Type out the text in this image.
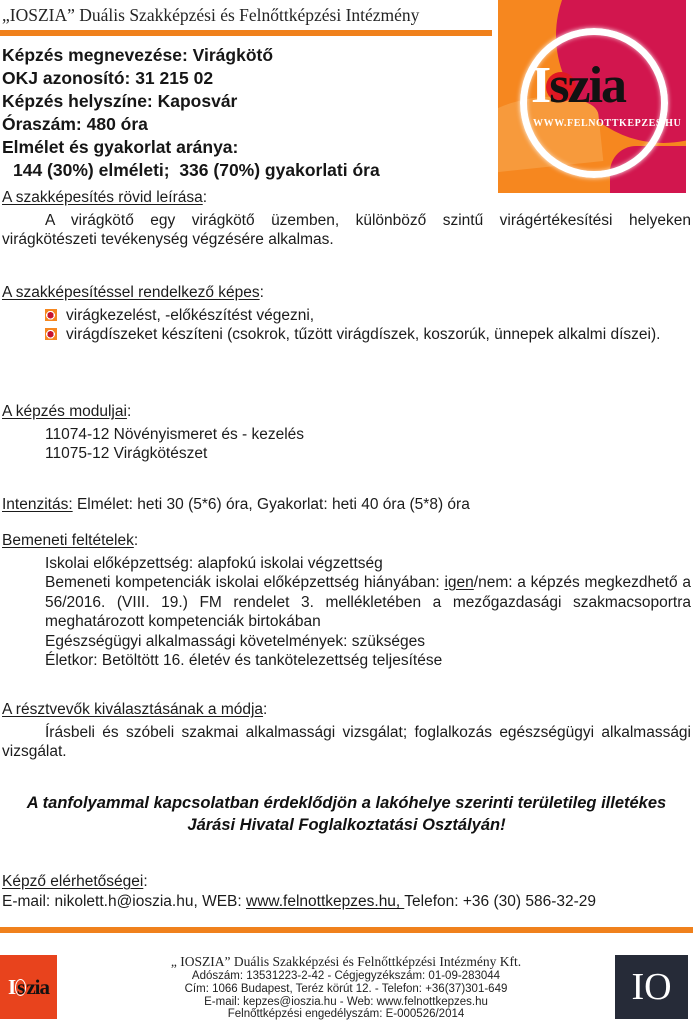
„IOSZIA” Duális Szakképzési és Felnőttképzési Intézmény
Képzés megnevezése: Virágkötő
OKJ azonosító: 31 215 02
Képzés helyszíne: Kaposvár
Óraszám: 480 óra
Elmélet és gyakorlat aránya:
144 (30%) elméleti;  336 (70%) gyakorlati óra
Iszia
WWW.FELNOTTKEPZES.HU
A szakképesítés rövid leírása:
A virágkötő egy virágkötő üzemben, különböző szintű virágértékesítési helyeken virágkötészeti tevékenység végzésére alkalmas.
A szakképesítéssel rendelkező képes:
virágkezelést, -előkészítést végezni,
virágdíszeket készíteni (csokrok, tűzött virágdíszek, koszorúk, ünnepek alkalmi díszei).
A képzés moduljai:
11074-12 Növényismeret és - kezelés
11075-12 Virágkötészet
Intenzitás: Elmélet: heti 30 (5*6) óra, Gyakorlat: heti 40 óra (5*8) óra
Bemeneti feltételek:
Iskolai előképzettség: alapfokú iskolai végzettség
Bemeneti kompetenciák iskolai előképzettség hiányában: igen/nem: a képzés megkezdhető a 56/2016. (VIII. 19.) FM rendelet 3. mellékletében a mezőgazdasági szakmacsoportra meghatározott kompetenciák birtokában
Egészségügyi alkalmassági követelmények: szükséges
Életkor: Betöltött 16. életév és tankötelezettség teljesítése
A résztvevők kiválasztásának a módja:
Írásbeli és szóbeli szakmai alkalmassági vizsgálat; foglalkozás egészségügyi alkalmassági vizsgálat.
A tanfolyammal kapcsolatban érdeklődjön a lakóhelye szerinti területileg illetékes Járási Hivatal Foglalkoztatási Osztályán!
Képző elérhetőségei:
E-mail: nikolett.h@ioszia.hu, WEB: www.felnottkepzes.hu, Telefon: +36 (30) 586-32-29
I s zia
„ IOSZIA” Duális Szakképzési és Felnőttképzési Intézmény Kft.
Adószám: 13531223-2-42 - Cégjegyzékszám: 01-09-283044
Cím: 1066 Budapest, Teréz körút 12. - Telefon: +36(37)301-649
E-mail: kepzes@ioszia.hu - Web: www.felnottkepzes.hu
Felnőttképzési engedélyszám: E-000526/2014
IO
